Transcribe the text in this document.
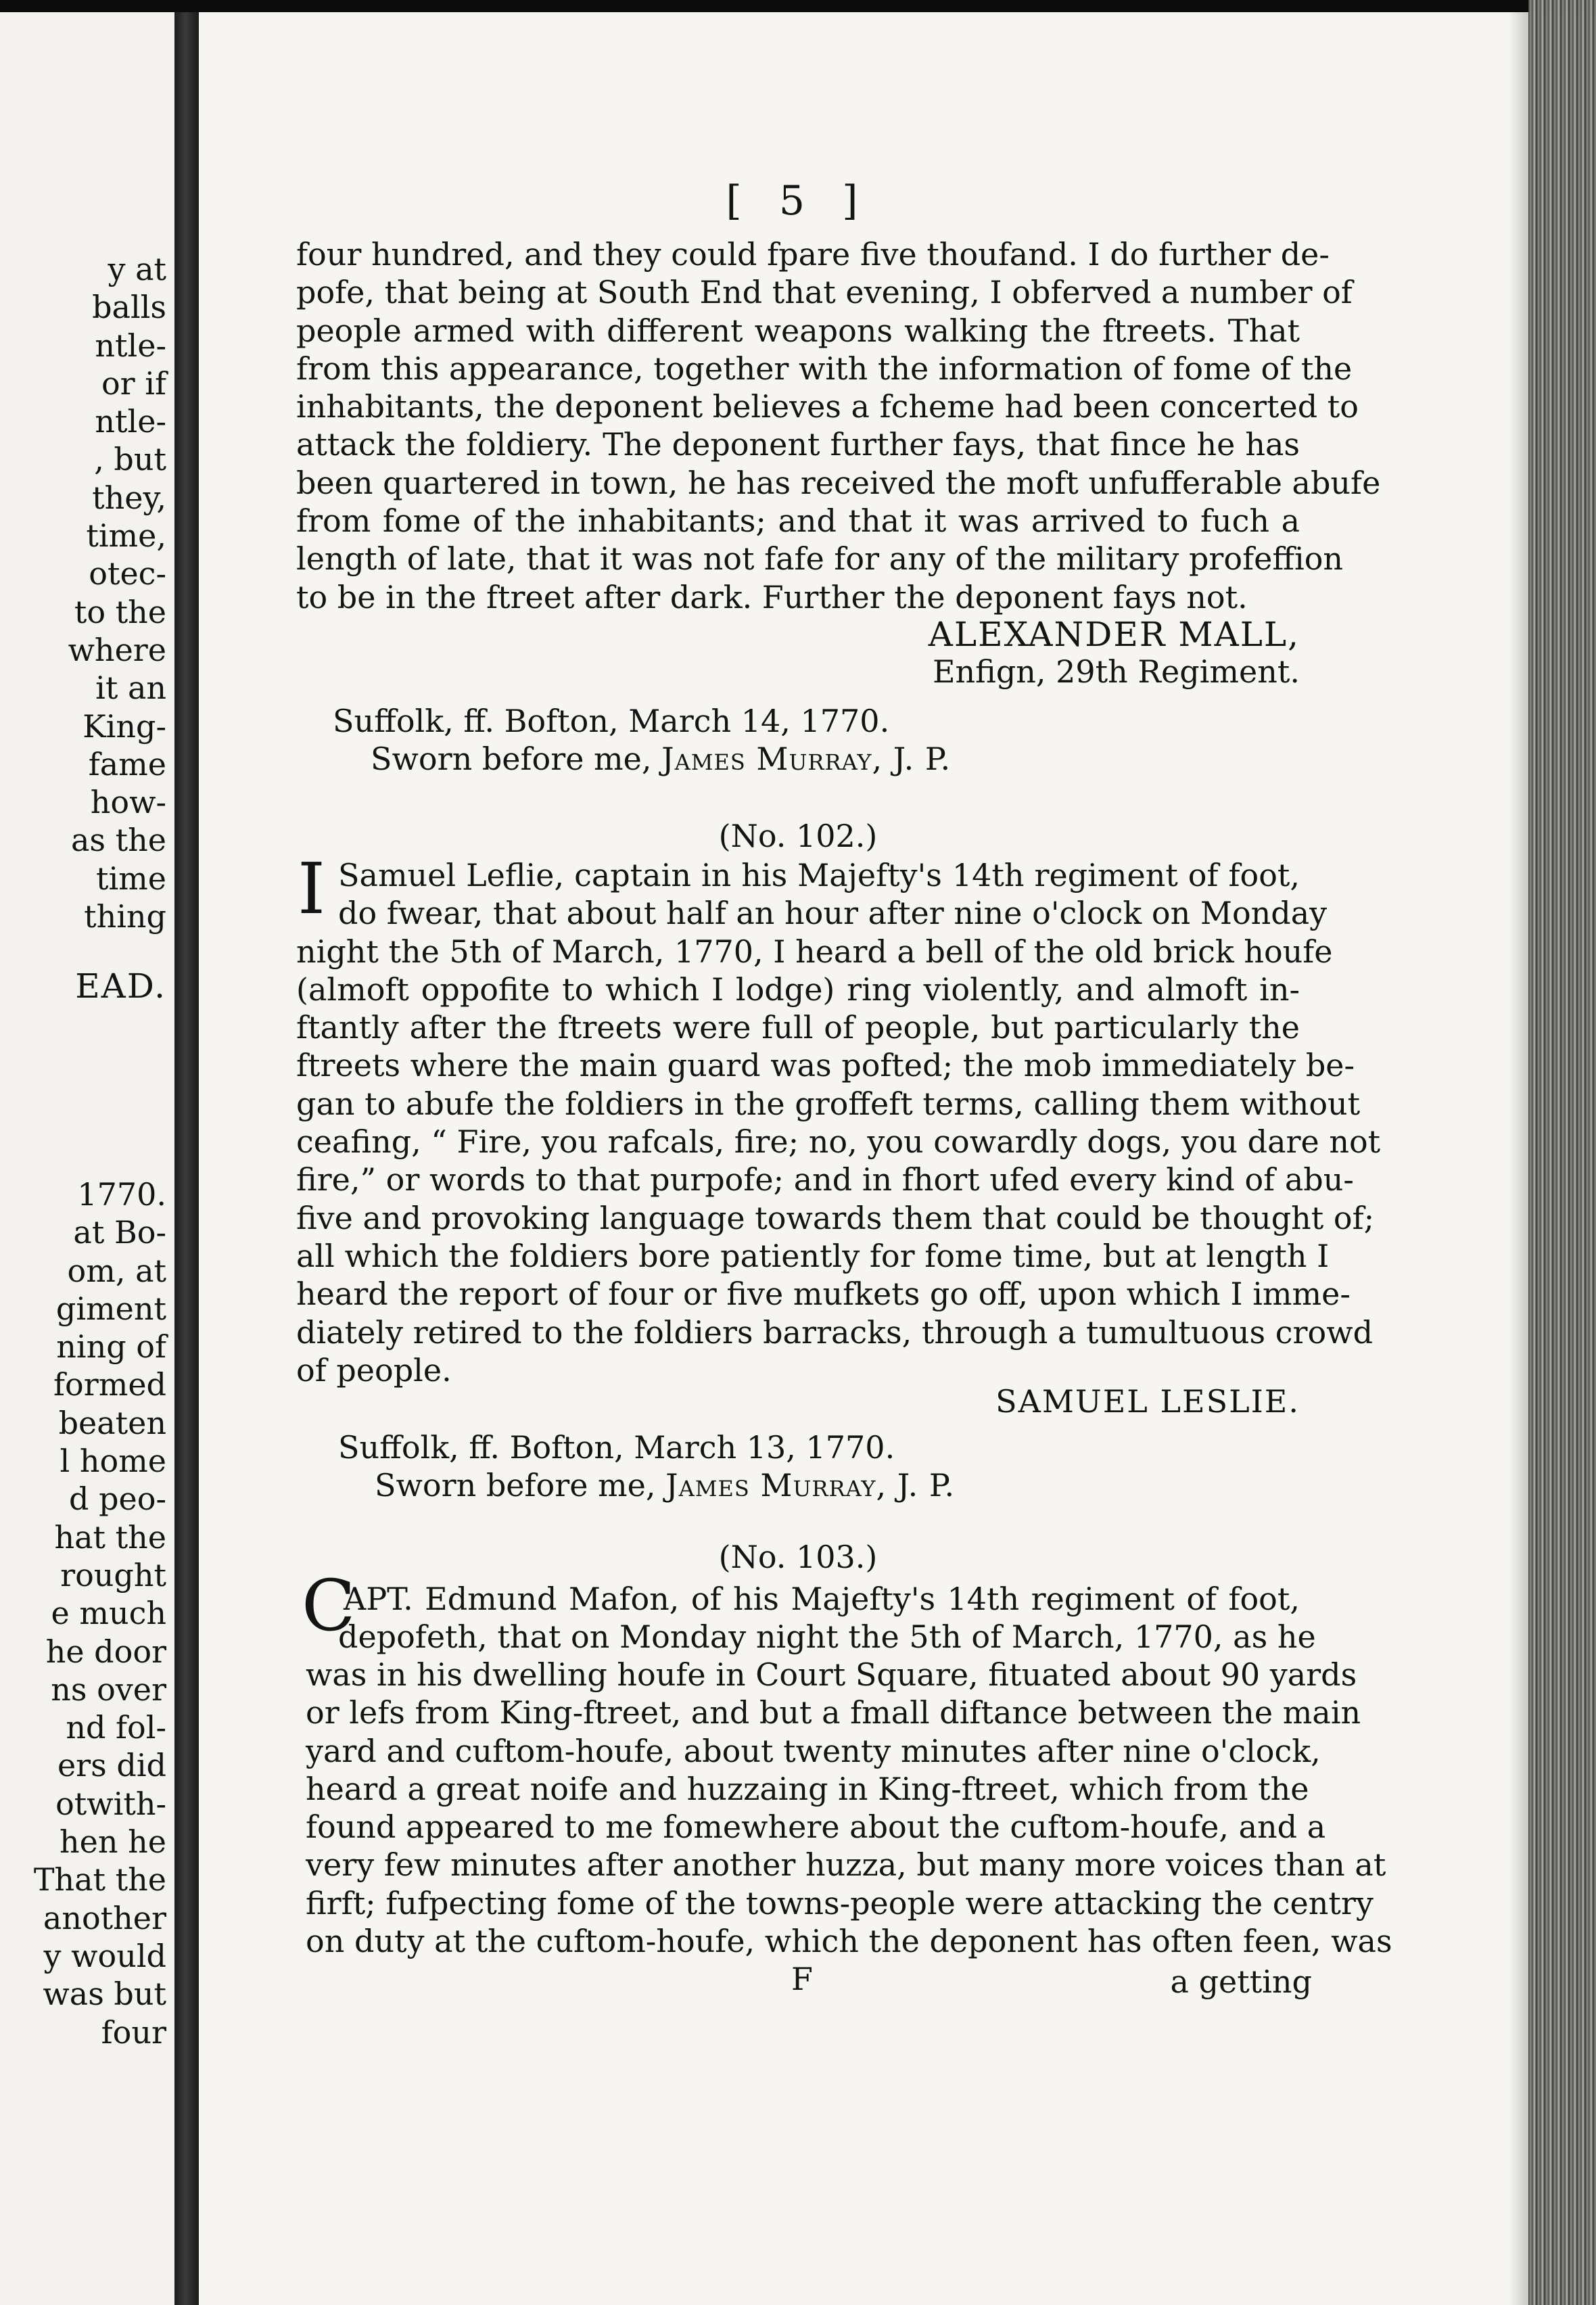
y at
balls
ntle-
or if
ntle-
, but
they,
time,
otec-
to the
where
it an
King-
fame
how-
as the
time
thing
EAD.
1770.
at Bo-
om, at
giment
ning of
formed
beaten
l home
d peo-
hat the
rought
e much
he door
ns over
nd fol-
ers did
otwith-
hen he
That the
another
y would
was but
four
[ 5 ]
four hundred, and they could fpare five thoufand. I do further de-
pofe, that being at South End that evening, I obferved a number of
people armed with different weapons walking the ftreets. That
from this appearance, together with the information of fome of the
inhabitants, the deponent believes a fcheme had been concerted to
attack the foldiery. The deponent further fays, that fince he has
been quartered in town, he has received the moft unfufferable abufe
from fome of the inhabitants; and that it was arrived to fuch a
length of late, that it was not fafe for any of the military profeffion
to be in the ftreet after dark. Further the deponent fays not.
ALEXANDER MALL,
Enfign, 29th Regiment.
Suffolk, ff. Bofton, March 14, 1770.
Sworn before me, James Murray, J. P.
(No. 102.)
I Samuel Leflie, captain in his Majefty's 14th regiment of foot,
do fwear, that about half an hour after nine o'clock on Monday
night the 5th of March, 1770, I heard a bell of the old brick houfe
(almoft oppofite to which I lodge) ring violently, and almoft in-
ftantly after the ftreets were full of people, but particularly the
ftreets where the main guard was pofted; the mob immediately be-
gan to abufe the foldiers in the groffeft terms, calling them without
ceafing, “ Fire, you rafcals, fire; no, you cowardly dogs, you dare not
fire,” or words to that purpofe; and in fhort ufed every kind of abu-
five and provoking language towards them that could be thought of;
all which the foldiers bore patiently for fome time, but at length I
heard the report of four or five mufkets go off, upon which I imme-
diately retired to the foldiers barracks, through a tumultuous crowd
of people.
SAMUEL LESLIE.
Suffolk, ff. Bofton, March 13, 1770.
Sworn before me, James Murray, J. P.
(No. 103.)
C
APT. Edmund Mafon, of his Majefty's 14th regiment of foot,
depofeth, that on Monday night the 5th of March, 1770, as he
was in his dwelling houfe in Court Square, fituated about 90 yards
or lefs from King-ftreet, and but a fmall diftance between the main
yard and cuftom-houfe, about twenty minutes after nine o'clock,
heard a great noife and huzzaing in King-ftreet, which from the
found appeared to me fomewhere about the cuftom-houfe, and a
very few minutes after another huzza, but many more voices than at
firft; fufpecting fome of the towns-people were attacking the centry
on duty at the cuftom-houfe, which the deponent has often feen, was
F	a getting
